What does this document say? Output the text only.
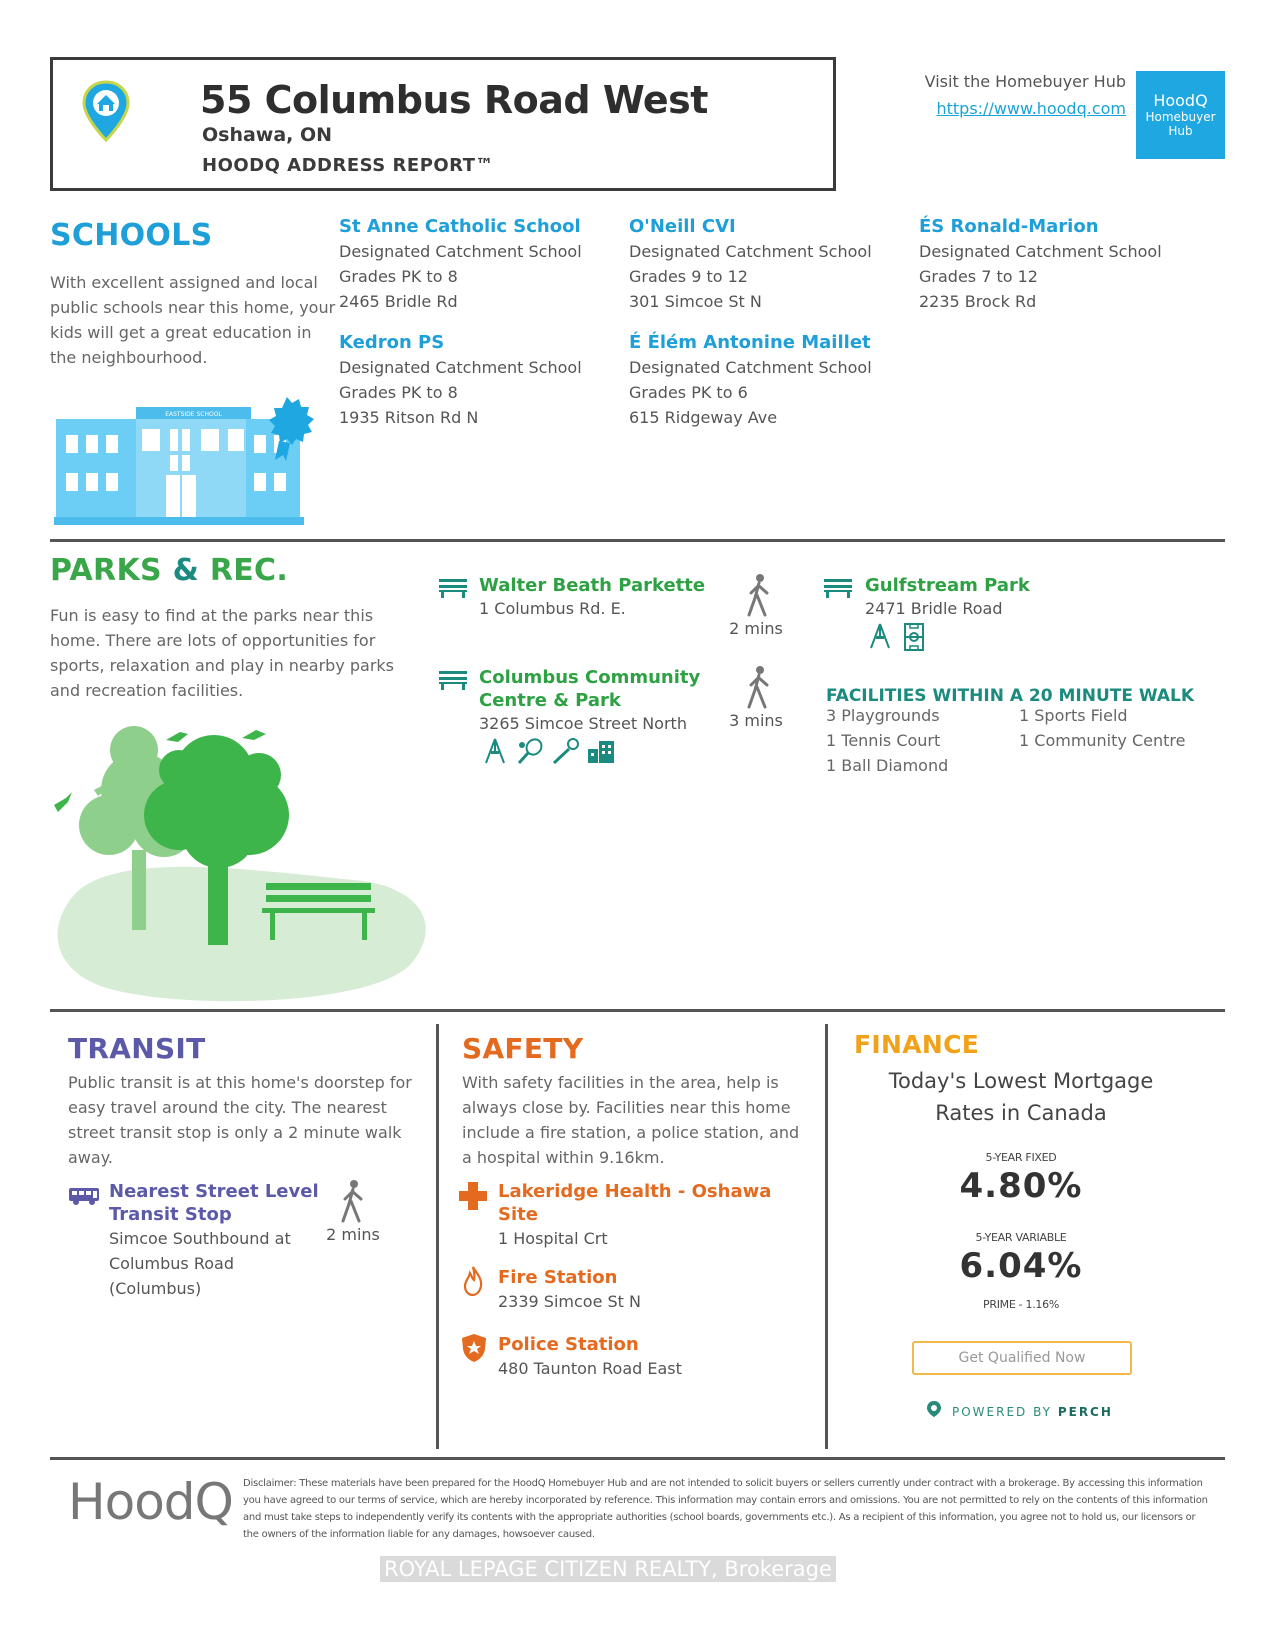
55 Columbus Road West
Oshawa, ON
HOODQ ADDRESS REPORT™
Visit the Homebuyer Hub
https://www.hoodq.com	HoodQ
Homebuyer
Hub
SCHOOLS
With excellent assigned and local public schools near this home, your kids will get a great education in the neighbourhood.
St Anne Catholic School
Designated Catchment School
Grades PK to 8
2465 Bridle Rd
O'Neill CVI
Designated Catchment School
Grades 9 to 12
301 Simcoe St N
ÉS Ronald-Marion
Designated Catchment School
Grades 7 to 12
2235 Brock Rd
Kedron PS
Designated Catchment School
Grades PK to 8
1935 Ritson Rd N
É Élém Antonine Maillet
Designated Catchment School
Grades PK to 6
615 Ridgeway Ave
EASTSIDE SCHOOL
PARKS & REC.
Fun is easy to find at the parks near this home. There are lots of opportunities for sports, relaxation and play in nearby parks and recreation facilities.
Walter Beath Parkette
1 Columbus Rd. E.
2 mins
Columbus Community
Centre & Park
3265 Simcoe Street North	3 mins
Gulfstream Park
2471 Bridle Road
FACILITIES WITHIN A 20 MINUTE WALK
3 Playgrounds	1 Sports Field
1 Tennis Court	1 Community Centre
1 Ball Diamond
TRANSIT
Public transit is at this home's doorstep for easy travel around the city. The nearest street transit stop is only a 2 minute walk away.
Nearest Street Level
Transit Stop
Simcoe Southbound at
Columbus Road
(Columbus)
2 mins
SAFETY
With safety facilities in the area, help is always close by. Facilities near this home include a fire station, a police station, and a hospital within 9.16km.
Lakeridge Health - Oshawa
Site
1 Hospital Crt
Fire Station
2339 Simcoe St N
Police Station
480 Taunton Road East
FINANCE
Today's Lowest Mortgage
Rates in Canada
5-YEAR FIXED
4.80%
5-YEAR VARIABLE
6.04%
PRIME - 1.16%
Get Qualified Now
POWERED BY PERCH
HoodQ Disclaimer: These materials have been prepared for the HoodQ Homebuyer Hub and are not intended to solicit buyers or sellers currently under contract with a brokerage. By accessing this information you have agreed to our terms of service, which are hereby incorporated by reference. This information may contain errors and omissions. You are not permitted to rely on the contents of this information and must take steps to independently verify its contents with the appropriate authorities (school boards, governments etc.). As a recipient of this information, you agree not to hold us, our licensors or the owners of the information liable for any damages, howsoever caused.
ROYAL LEPAGE CITIZEN REALTY, Brokerage
